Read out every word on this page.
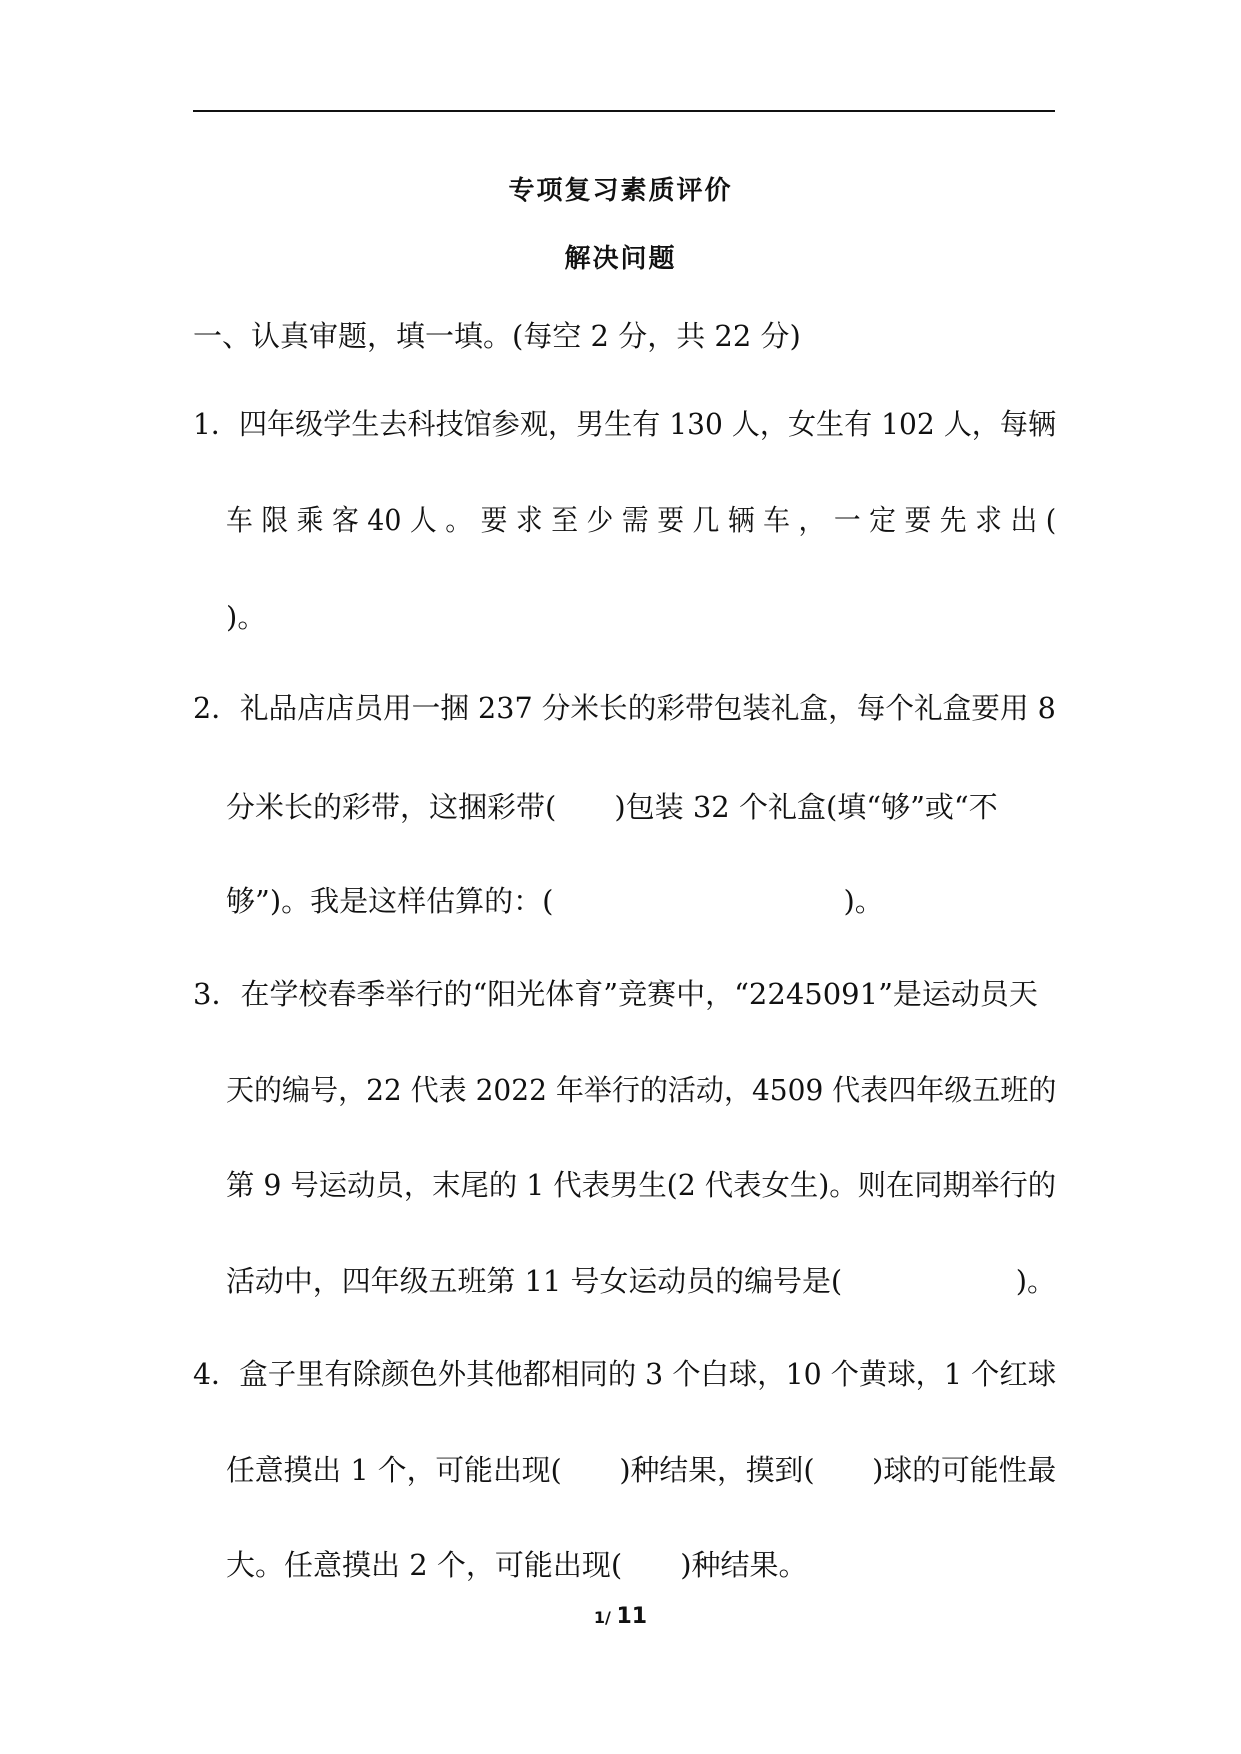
专项复习素质评价
解决问题
一、认真审题，填一填。(每空 2 分，共 22 分)
1．四年级学生去科技馆参观，男生有 130 人，女生有 102 人，每辆
车 限 乘 客 40 人 。 要 求 至 少 需 要 几 辆 车 ， 一 定 要 先 求 出 (
)。
2．礼品店店员用一捆 237 分米长的彩带包装礼盒，每个礼盒要用 8
分米长的彩带，这捆彩带(　　)包装 32 个礼盒(填“够”或“不
够”)。我是这样估算的：(　　　　　　　　　　)。
3．在学校春季举行的“阳光体育”竞赛中，“2245091”是运动员天
天的编号，22 代表 2022 年举行的活动，4509 代表四年级五班的
第 9 号运动员，末尾的 1 代表男生(2 代表女生)。则在同期举行的
活动中，四年级五班第 11 号女运动员的编号是(　　　　　　)。
4．盒子里有除颜色外其他都相同的 3 个白球，10 个黄球，1 个红球
任意摸出 1 个，可能出现(　　)种结果，摸到(　　)球的可能性最
大。任意摸出 2 个，可能出现(　　)种结果。
1/ 11
